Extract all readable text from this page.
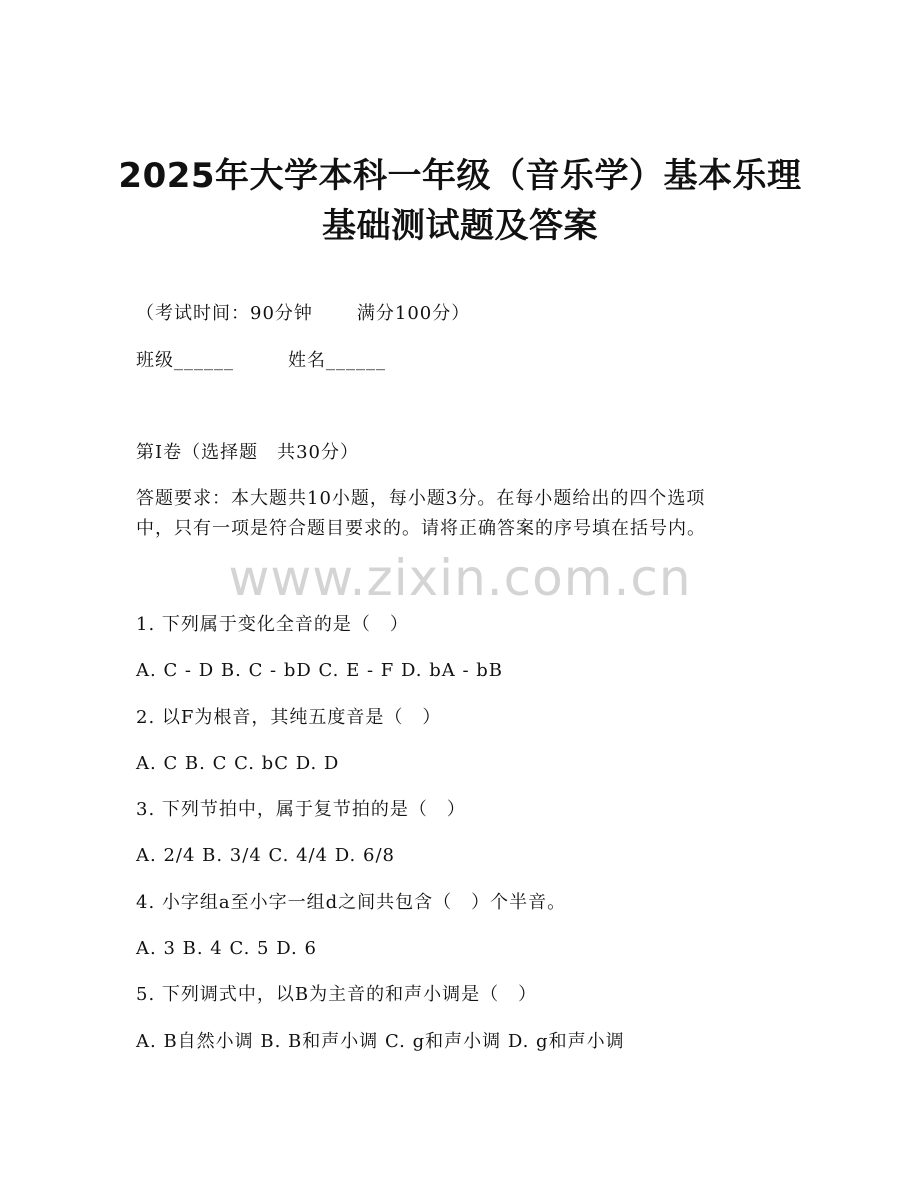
2025年大学本科一年级（音乐学）基本乐理
基础测试题及答案
（考试时间：90分钟 满分100分）
班级______	姓名______
第I卷（选择题　共30分）
答题要求：本大题共10小题，每小题3分。在每小题给出的四个选项
中，只有一项是符合题目要求的。请将正确答案的序号填在括号内。
www.zixin.com.cn
1. 下列属于变化全音的是（　）
A. C - D B. C - bD C. E - F D. bA - bB
2. 以F为根音，其纯五度音是（　）
A. C B. C C. bC D. D
3. 下列节拍中，属于复节拍的是（　）
A. 2/4 B. 3/4 C. 4/4 D. 6/8
4. 小字组a至小字一组d之间共包含（　）个半音。
A. 3 B. 4 C. 5 D. 6
5. 下列调式中，以B为主音的和声小调是（　）
A. B自然小调 B. B和声小调 C. g和声小调 D. g和声小调
